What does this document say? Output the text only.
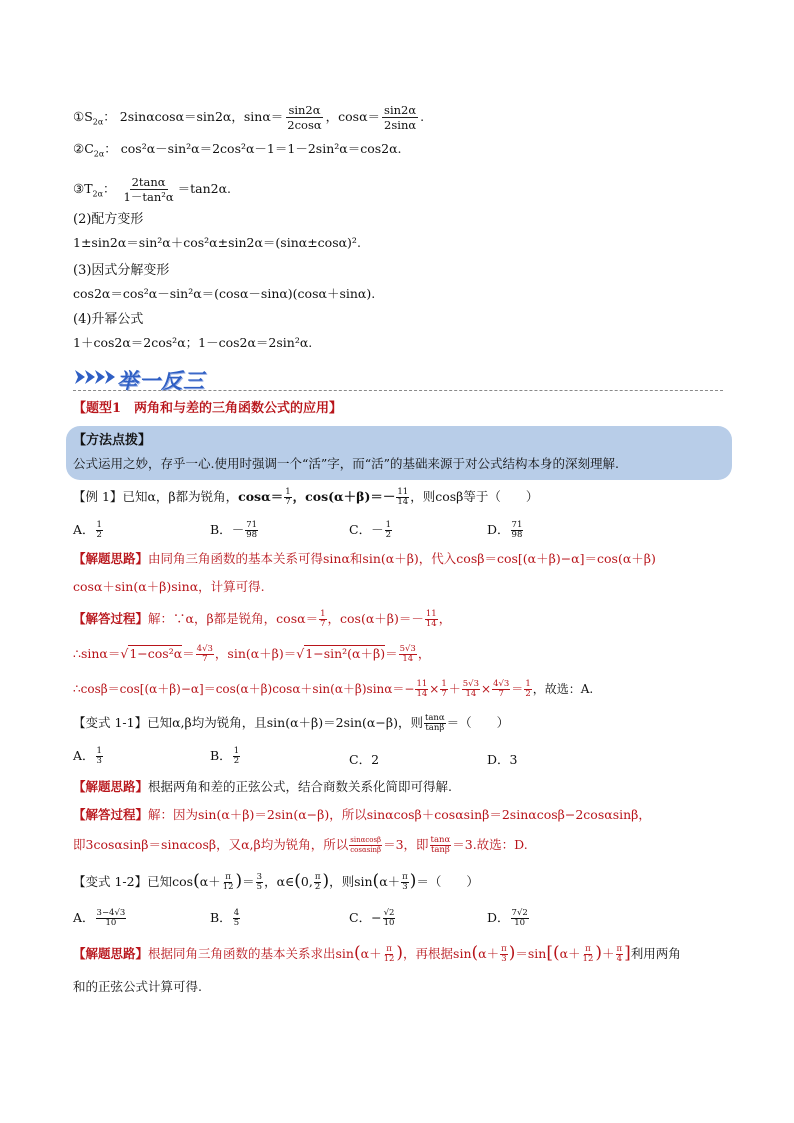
$①S_{2\alpha}$： 2sinαcosα＝sin2α，$\sin\alpha= \frac{\sin 2\alpha}{2\cos\alpha}$ ，$\cos\alpha= \frac{\sin 2\alpha}{2\sin\alpha}$ .
$②C_{2\alpha}$： cos²α－sin²α＝2cos²α－1＝1－2sin²α＝cos2α.
$③T_{2\alpha}$： $\frac{2\tan\alpha}{\text{1－tan²α}} =\tan 2\alpha$.
(2)配方变形
1±sin2α＝sin²α＋cos²α±sin2α＝(sinα±cosα)².
(3)因式分解变形
cos2α＝cos²α－sin²α＝(cosα－sinα)(cosα＋sinα).
(4)升幂公式
1＋cos2α＝2cos²α；1－cos2α＝2sin²α.
举一反三
【题型1　两角和与差的三角函数公式的应用】
【方法点拨】
公式运用之妙，存乎一心.使用时强调一个“活”字，而“活”的基础来源于对公式结构本身的深刻理解.
【例 1】已知α，β都为锐角，$\cos\alpha= \frac{1}{7}$ ，$\cos(\alpha+\beta)=- \frac{11}{14}$ ，则cosβ等于（　　）
A． $\frac{1}{2}$	B．－ $\frac{71}{98}$	C．－ $\frac{1}{2}$	D． $\frac{71}{98}$
【解题思路】由同角三角函数的基本关系可得sinα和sin(α＋β)，代入cosβ＝cos[(α＋β)−α]＝cos(α＋β)
cosα＋sin(α＋β)sinα，计算可得.
【解答过程】解：∵α，β都是锐角，$\cos\alpha= \frac{1}{7}$ ，$\cos(\alpha+\beta)=- \frac{11}{14}$ ，
∴sinα＝√1−cos²α＝ $\frac{4√3}{7}$ ，$\sin(\alpha+\beta)=√1-\sin^2(\alpha+\beta)= \frac{5√3}{14}$ ，
∴cosβ＝cos[(α＋β)−α]＝cos(α＋β)cosα＋sin(α＋β)sinα＝− $\frac{11}{14} \times \frac{1}{7} + \frac{5√3}{14} \times \frac{4√3}{7} = \frac{1}{2}$ ，故选：A.
【变式 1-1】已知α,β均为锐角，且sin(α＋β)＝2sin(α−β)，则 $\frac{\tan\alpha}{\tan\beta}$ ＝（　　）
A． $\frac{1}{3}$	B． $\frac{1}{2}$	C．2	D．3
【解题思路】根据两角和差的正弦公式，结合商数关系化简即可得解.
【解答过程】解：因为sin(α＋β)＝2sin(α−β)，所以sinαcosβ＋cosαsinβ＝2sinαcosβ−2cosαsinβ，
即3cosαsinβ＝sinαcosβ，又α,β均为锐角，所以 $\frac{\sin\alpha\cos\beta}{\cos\alpha\sin\beta} =3$，即 $\frac{\tan\alpha}{\tan\beta} =3$.故选：D.
【变式 1-2】已知$\cos(\alpha+ \frac{\pi}{12}$ )＝ $\frac{3}{5}$ ，α∈(0, $\frac{\pi}{2}$ )，则$\sin(\alpha+ \frac{\pi}{3}$ )＝（　　）
A． $\frac{3-4√3}{10}$	B． $\frac{4}{5}$	C．− $\frac{√2}{10}$	D． $\frac{7√2}{10}$
【解题思路】根据同角三角函数的基本关系求出$\sin(\alpha+ \frac{\pi}{12}$ )，再根据$\sin(\alpha+ \frac{\pi}{3} )=\sin[(\alpha+ \frac{\pi}{12}$ )＋ $\frac{\pi}{4}$ ]利用两角
和的正弦公式计算可得.
